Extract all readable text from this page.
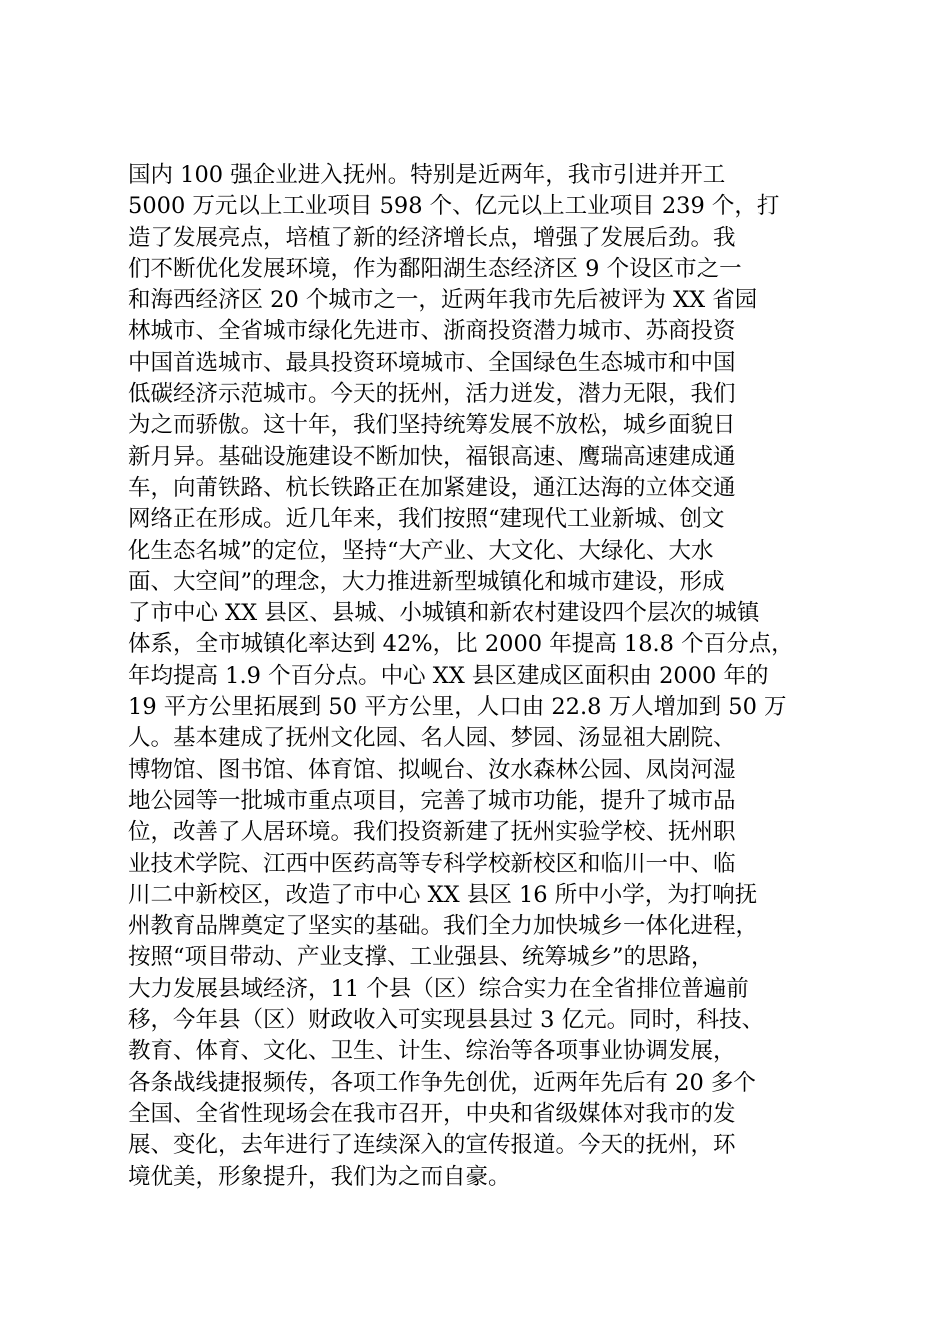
国内 100 强企业进入抚州。特别是近两年，我市引进并开工
5000 万元以上工业项目 598 个、亿元以上工业项目 239 个，打
造了发展亮点，培植了新的经济增长点，增强了发展后劲。我
们不断优化发展环境，作为鄱阳湖生态经济区 9 个设区市之一
和海西经济区 20 个城市之一，近两年我市先后被评为 XX 省园
林城市、全省城市绿化先进市、浙商投资潜力城市、苏商投资
中国首选城市、最具投资环境城市、全国绿色生态城市和中国
低碳经济示范城市。今天的抚州，活力迸发，潜力无限，我们
为之而骄傲。这十年，我们坚持统筹发展不放松，城乡面貌日
新月异。基础设施建设不断加快，福银高速、鹰瑞高速建成通
车，向莆铁路、杭长铁路正在加紧建设，通江达海的立体交通
网络正在形成。近几年来，我们按照“建现代工业新城、创文
化生态名城”的定位，坚持“大产业、大文化、大绿化、大水
面、大空间”的理念，大力推进新型城镇化和城市建设，形成
了市中心 XX 县区、县城、小城镇和新农村建设四个层次的城镇
体系，全市城镇化率达到 42%，比 2000 年提高 18.8 个百分点，
年均提高 1.9 个百分点。中心 XX 县区建成区面积由 2000 年的
19 平方公里拓展到 50 平方公里，人口由 22.8 万人增加到 50 万
人。基本建成了抚州文化园、名人园、梦园、汤显祖大剧院、
博物馆、图书馆、体育馆、拟岘台、汝水森林公园、凤岗河湿
地公园等一批城市重点项目，完善了城市功能，提升了城市品
位，改善了人居环境。我们投资新建了抚州实验学校、抚州职
业技术学院、江西中医药高等专科学校新校区和临川一中、临
川二中新校区，改造了市中心 XX 县区 16 所中小学，为打响抚
州教育品牌奠定了坚实的基础。我们全力加快城乡一体化进程，
按照“项目带动、产业支撑、工业强县、统筹城乡”的思路，
大力发展县域经济，11 个县（区）综合实力在全省排位普遍前
移，今年县（区）财政收入可实现县县过 3 亿元。同时，科技、
教育、体育、文化、卫生、计生、综治等各项事业协调发展，
各条战线捷报频传，各项工作争先创优，近两年先后有 20 多个
全国、全省性现场会在我市召开，中央和省级媒体对我市的发
展、变化，去年进行了连续深入的宣传报道。今天的抚州，环
境优美，形象提升，我们为之而自豪。
